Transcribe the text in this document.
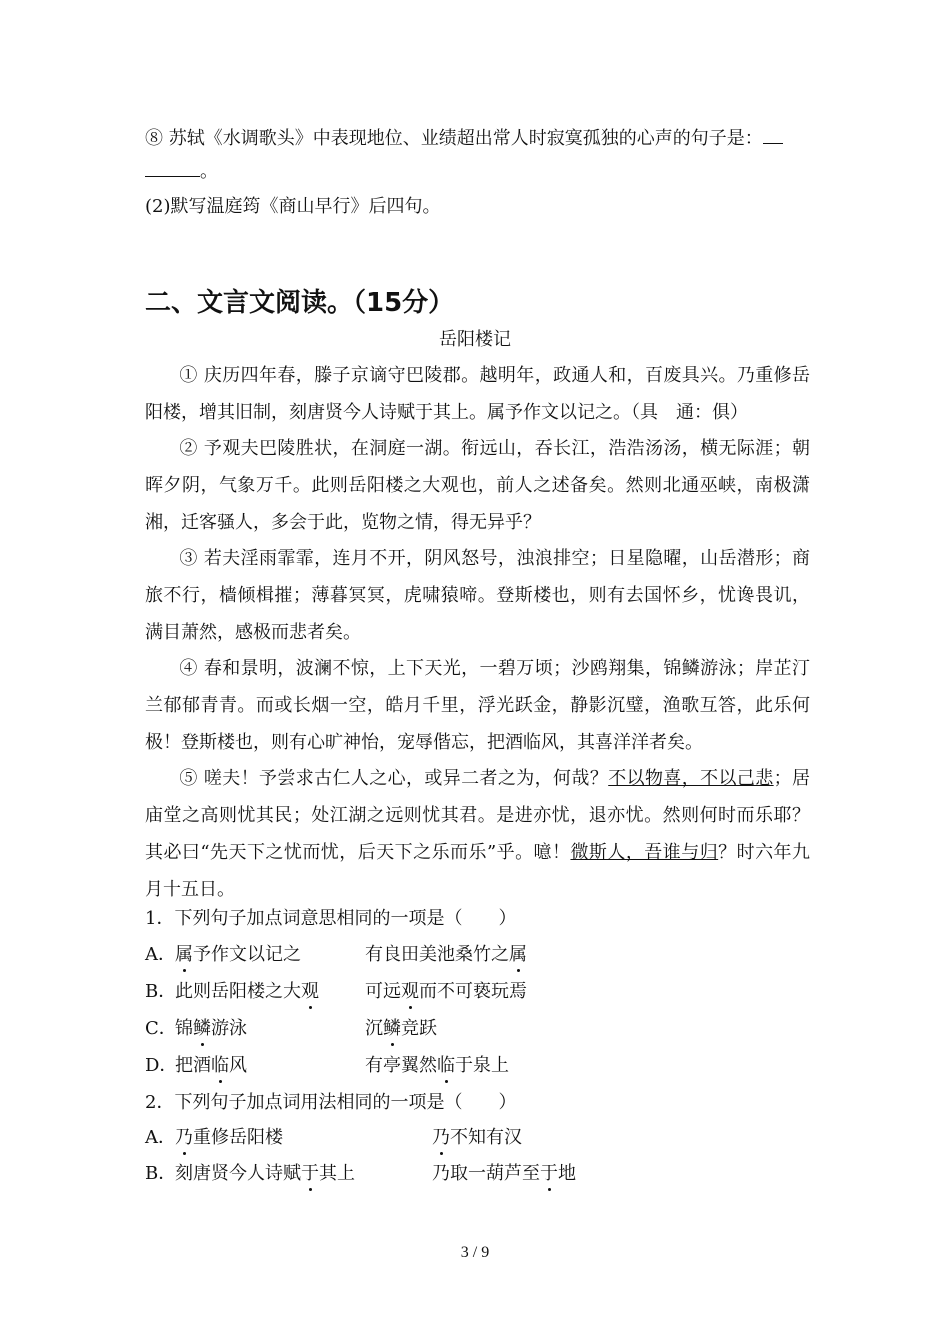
⑧ 苏轼《水调歌头》中表现地位、业绩超出常人时寂寞孤独的心声的句子是：
。
(2)默写温庭筠《商山早行》后四句。
二、文言文阅读。（15分）
岳阳楼记
① 庆历四年春，滕子京谪守巴陵郡。越明年，政通人和，百废具兴。乃重修岳阳楼，增其旧制，刻唐贤今人诗赋于其上。属予作文以记之。（具　通：俱）
② 予观夫巴陵胜状，在洞庭一湖。衔远山，吞长江，浩浩汤汤，横无际涯；朝晖夕阴，气象万千。此则岳阳楼之大观也，前人之述备矣。然则北通巫峡，南极潇湘，迁客骚人，多会于此，览物之情，得无异乎？
③ 若夫淫雨霏霏，连月不开，阴风怒号，浊浪排空；日星隐曜，山岳潜形；商旅不行，樯倾楫摧；薄暮冥冥，虎啸猿啼。登斯楼也，则有去国怀乡，忧谗畏讥，满目萧然，感极而悲者矣。
④ 春和景明，波澜不惊，上下天光，一碧万顷；沙鸥翔集，锦鳞游泳；岸芷汀兰郁郁青青。而或长烟一空，皓月千里，浮光跃金，静影沉璧，渔歌互答，此乐何极！登斯楼也，则有心旷神怡，宠辱偕忘，把酒临风，其喜洋洋者矣。
⑤ 嗟夫！予尝求古仁人之心，或异二者之为，何哉？不以物喜，不以己悲；居庙堂之高则忧其民；处江湖之远则忧其君。是进亦忧，退亦忧。然则何时而乐耶？其必曰“先天下之忧而忧，后天下之乐而乐”乎。噫！微斯人，吾谁与归？时六年九月十五日。
1．下列句子加点词意思相同的一项是（　　）
A．属予作文以记之	有良田美池桑竹之属
B．此则岳阳楼之大观	可远观而不可亵玩焉
C．锦鳞游泳	沉鳞竞跃
D．把酒临风	有亭翼然临于泉上
2．下列句子加点词用法相同的一项是（　　）
A．乃重修岳阳楼	乃不知有汉
B．刻唐贤今人诗赋于其上	乃取一葫芦至于地
3 / 9
